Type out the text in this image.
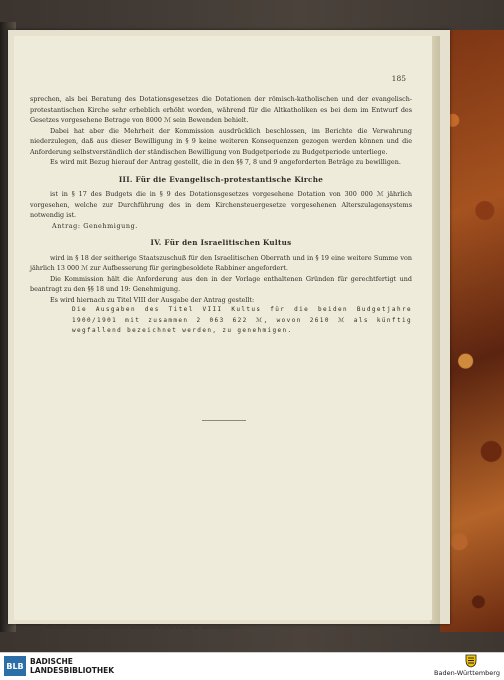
185

sprechen, als bei Beratung des Dotationsgesetzes die Dotationen der römisch-katholischen und der evangelisch-protestantischen Kirche sehr erheblich erhöht worden, während für die Altkatholiken es bei dem im Entwurf des Gesetzes vorgesehene Betrage von 8000 ℳ sein Bewenden behielt.

Dabei hat aber die Mehrheit der Kommission ausdrücklich beschlossen, im Berichte die Verwahrung niederzulegen, daß aus dieser Bewilligung in § 9 keine weiteren Konsequenzen gezogen werden können und die Anforderung selbstverständlich der ständischen Bewilligung von Budgetperiode zu Budgetperiode unterliege.

Es wird mit Bezug hierauf der Antrag gestellt, die in den §§ 7, 8 und 9 angeforderten Beträge zu bewilligen.

III. Für die Evangelisch-protestantische Kirche

ist in § 17 des Budgets die in § 9 des Dotationsgesetzes vorgesehene Dotation von 300 000 ℳ jährlich vorgesehen, welche zur Durchführung des in dem Kirchensteuergesetze vorgesehenen Alterszulagensystems notwendig ist.

Antrag: Genehmigung.

IV. Für den Israelitischen Kultus

wird in § 18 der seitherige Staatszuschuß für den Israelitischen Oberrath und in § 19 eine weitere Summe von jährlich 13 000 ℳ zur Aufbesserung für geringbesoldete Rabbiner angefordert.

Die Kommission hält die Anforderung aus den in der Vorlage enthaltenen Gründen für gerechtfertigt und beantragt zu den §§ 18 und 19: Genehmigung.

Es wird hiernach zu Titel VIII der Ausgabe der Antrag gestellt:

Die Ausgaben des Titel VIII Kultus für die beiden Budgetjahre 1900/1901 mit zusammen 2 063 622 ℳ, wovon 2610 ℳ als künftig wegfallend bezeichnet werden, zu genehmigen.

Verhandlungen der zweiten Kammer 1899/1900. 3. Beilagenheft.	24
BLB BADISCHE
LANDESBIBLIOTHEK	Baden-Württemberg
